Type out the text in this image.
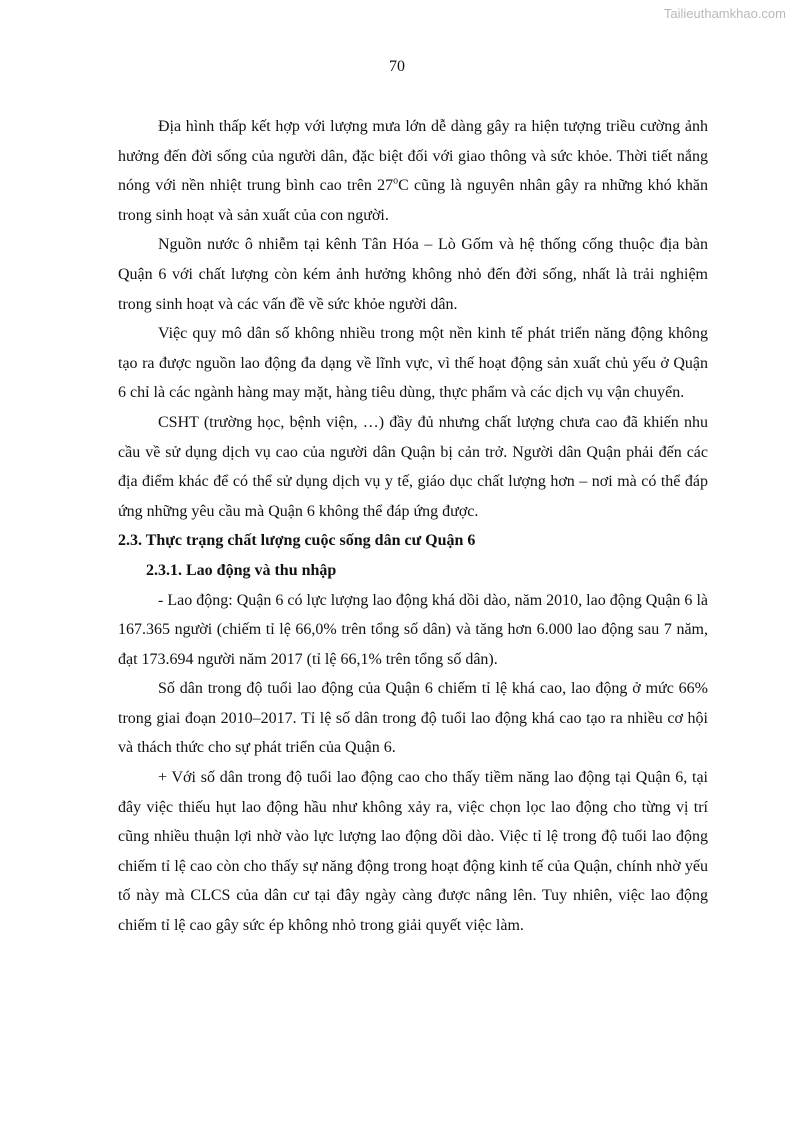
Tailieuthamkhao.com
70

Địa hình thấp kết hợp với lượng mưa lớn dễ dàng gây ra hiện tượng triều cường ảnh hưởng đến đời sống của người dân, đặc biệt đối với giao thông và sức khỏe. Thời tiết nắng nóng với nền nhiệt trung bình cao trên 27$^o$C cũng là nguyên nhân gây ra những khó khăn trong sinh hoạt và sản xuất của con người.

Nguồn nước ô nhiễm tại kênh Tân Hóa – Lò Gốm và hệ thống cống thuộc địa bàn Quận 6 với chất lượng còn kém ảnh hưởng không nhỏ đến đời sống, nhất là trải nghiệm trong sinh hoạt và các vấn đề về sức khỏe người dân.

Việc quy mô dân số không nhiều trong một nền kinh tế phát triển năng động không tạo ra được nguồn lao động đa dạng về lĩnh vực, vì thế hoạt động sản xuất chủ yếu ở Quận 6 chỉ là các ngành hàng may mặt, hàng tiêu dùng, thực phẩm và các dịch vụ vận chuyển.

CSHT (trường học, bệnh viện, …) đầy đủ nhưng chất lượng chưa cao đã khiến nhu cầu về sử dụng dịch vụ cao của người dân Quận bị cản trở. Người dân Quận phải đến các địa điểm khác để có thể sử dụng dịch vụ y tế, giáo dục chất lượng hơn – nơi mà có thể đáp ứng những yêu cầu mà Quận 6 không thể đáp ứng được.

2.3. Thực trạng chất lượng cuộc sống dân cư Quận 6
2.3.1. Lao động và thu nhập

- Lao động: Quận 6 có lực lượng lao động khá dồi dào, năm 2010, lao động Quận 6 là 167.365 người (chiếm tỉ lệ 66,0% trên tổng số dân) và tăng hơn 6.000 lao động sau 7 năm, đạt 173.694 người năm 2017 (tỉ lệ 66,1% trên tổng số dân).

Số dân trong độ tuổi lao động của Quận 6 chiếm tỉ lệ khá cao, lao động ở mức 66% trong giai đoạn 2010–2017. Tỉ lệ số dân trong độ tuổi lao động khá cao tạo ra nhiều cơ hội và thách thức cho sự phát triển của Quận 6.

+ Với số dân trong độ tuổi lao động cao cho thấy tiềm năng lao động tại Quận 6, tại đây việc thiếu hụt lao động hầu như không xảy ra, việc chọn lọc lao động cho từng vị trí cũng nhiều thuận lợi nhờ vào lực lượng lao động dồi dào. Việc tỉ lệ trong độ tuổi lao động chiếm tỉ lệ cao còn cho thấy sự năng động trong hoạt động kinh tế của Quận, chính nhờ yếu tố này mà CLCS của dân cư tại đây ngày càng được nâng lên. Tuy nhiên, việc lao động chiếm tỉ lệ cao gây sức ép không nhỏ trong giải quyết việc làm.
